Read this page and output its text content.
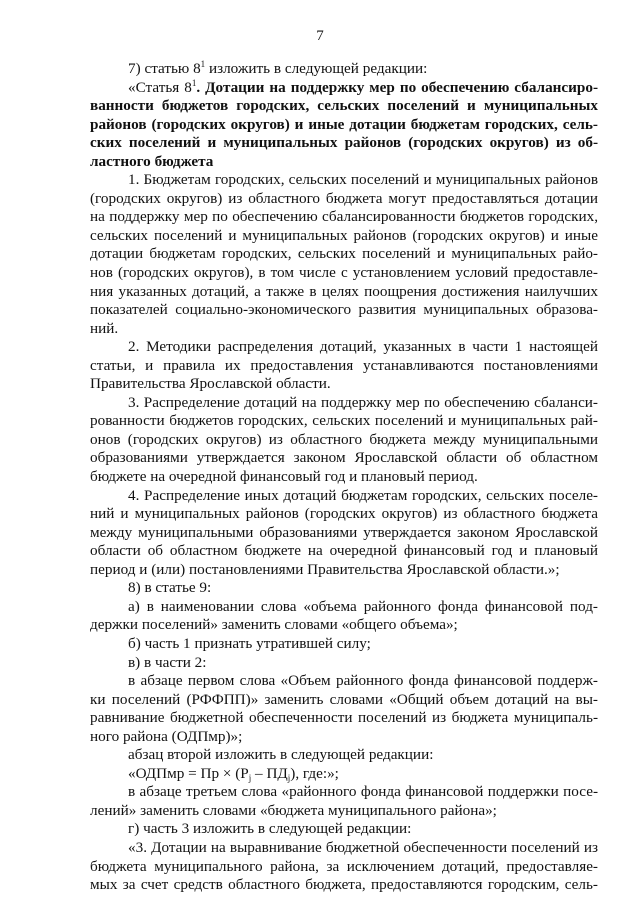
7
7) статью $8^1$ изложить в следующей редакции:
«Статья $8^1$. Дотации на поддержку мер по обеспечению сбалансиро-
ванности бюджетов городских, сельских поселений и муниципальных
районов (городских округов) и иные дотации бюджетам городских, сель-
ских поселений и муниципальных районов (городских округов) из об-
ластного бюджета
1. Бюджетам городских, сельских поселений и муниципальных районов
(городских округов) из областного бюджета могут предоставляться дотации
на поддержку мер по обеспечению сбалансированности бюджетов городских,
сельских поселений и муниципальных районов (городских округов) и иные
дотации бюджетам городских, сельских поселений и муниципальных райо-
нов (городских округов), в том числе с установлением условий предоставле-
ния указанных дотаций, а также в целях поощрения достижения наилучших
показателей социально-экономического развития муниципальных образова-
ний.
2. Методики распределения дотаций, указанных в части 1 настоящей
статьи, и правила их предоставления устанавливаются постановлениями
Правительства Ярославской области.
3. Распределение дотаций на поддержку мер по обеспечению сбаланси-
рованности бюджетов городских, сельских поселений и муниципальных рай-
онов (городских округов) из областного бюджета между муниципальными
образованиями утверждается законом Ярославской области об областном
бюджете на очередной финансовый год и плановый период.
4. Распределение иных дотаций бюджетам городских, сельских поселе-
ний и муниципальных районов (городских округов) из областного бюджета
между муниципальными образованиями утверждается законом Ярославской
области об областном бюджете на очередной финансовый год и плановый
период и (или) постановлениями Правительства Ярославской области.»;
8) в статье 9:
а) в наименовании слова «объема районного фонда финансовой под-
держки поселений» заменить словами «общего объема»;
б) часть 1 признать утратившей силу;
в) в части 2:
в абзаце первом слова «Объем районного фонда финансовой поддерж-
ки поселений (РФФПП)» заменить словами «Общий объем дотаций на вы-
равнивание бюджетной обеспеченности поселений из бюджета муниципаль-
ного района (ОДПмр)»;
абзац второй изложить в следующей редакции:
«ОДПмр = Пр × $(Р_j - ПД_j)$, где:»;
в абзаце третьем слова «районного фонда финансовой поддержки посе-
лений» заменить словами «бюджета муниципального района»;
г) часть 3 изложить в следующей редакции:
«3. Дотации на выравнивание бюджетной обеспеченности поселений из
бюджета муниципального района, за исключением дотаций, предоставляе-
мых за счет средств областного бюджета, предоставляются городским, сель-
